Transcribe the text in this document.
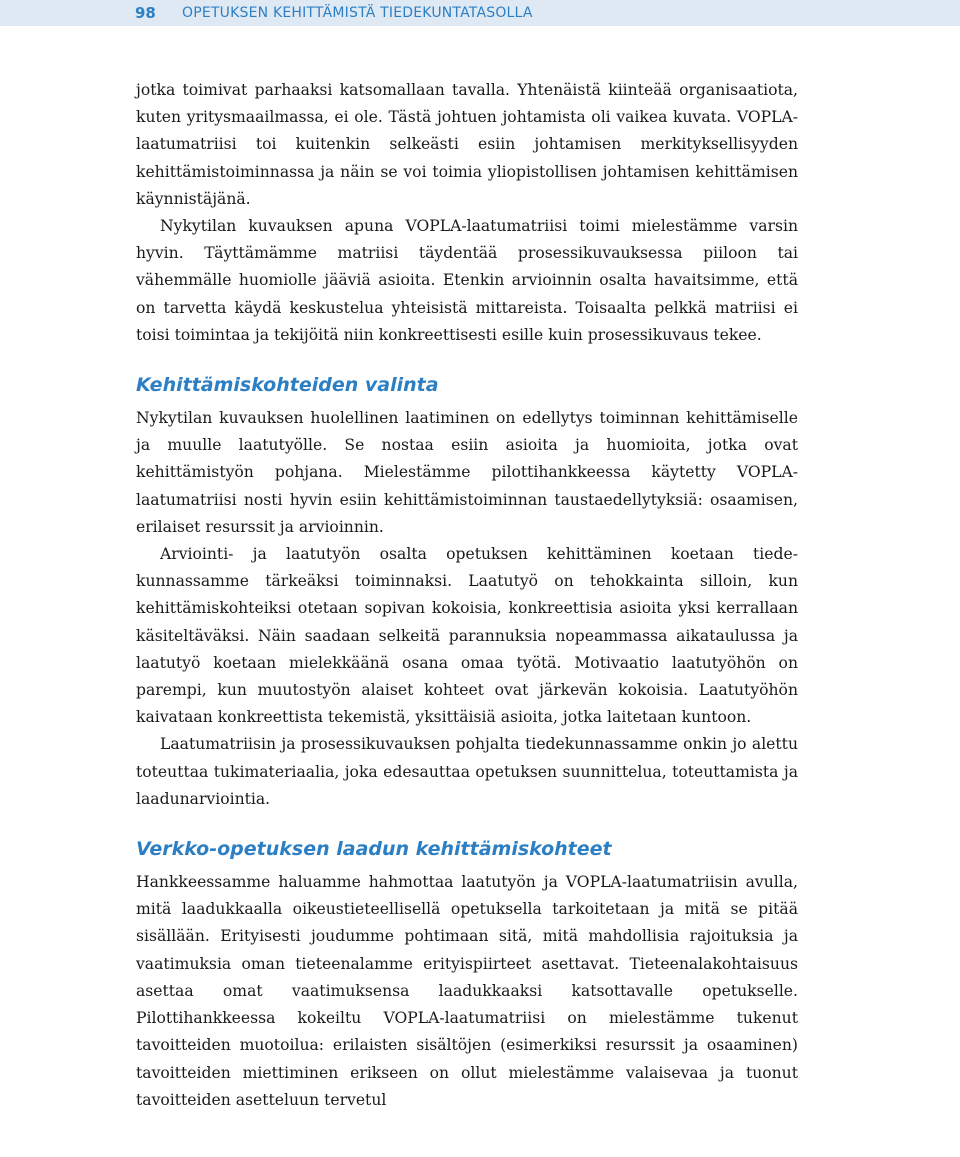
98 OPETUKSEN KEHITTÄMISTÄ TIEDEKUNTATASOLLA

jotka toimivat parhaaksi katsomallaan tavalla. Yhtenäistä kiinteää organisaatiota, kuten yritysmaailmassa, ei ole. Tästä johtuen johtamista oli vaikea kuvata. VOPLA-laatumatriisi toi kuitenkin selkeästi esiin johtamisen merkityksellisyyden kehittämistoiminnassa ja näin se voi toimia yliopistollisen johtamisen kehittämisen käynnistäjänä.

Nykytilan kuvauksen apuna VOPLA-laatumatriisi toimi mielestämme varsin hyvin. Täyttämämme matriisi täydentää prosessikuvauksessa piiloon tai vähemmälle huomiolle jääviä asioita. Etenkin arvioinnin osalta havaitsimme, että on tarvetta käydä keskustelua yhteisistä mittareista. Toisaalta pelkkä matriisi ei toisi toimintaa ja tekijöitä niin konkreettisesti esille kuin prosessikuvaus tekee.

Kehittämiskohteiden valinta

Nykytilan kuvauksen huolellinen laatiminen on edellytys toiminnan kehittämiselle ja muulle laatutyölle. Se nostaa esiin asioita ja huomioita, jotka ovat kehittämistyön pohjana. Mielestämme pilottihankkeessa käytetty VOPLA-laatumatriisi nosti hyvin esiin kehittämistoiminnan taustaedellytyksiä: osaamisen, erilaiset resurssit ja arvioinnin.

Arviointi- ja laatutyön osalta opetuksen kehittäminen koetaan tiedekunnassamme tärkeäksi toiminnaksi. Laatutyö on tehokkainta silloin, kun kehittämiskohteiksi otetaan sopivan kokoisia, konkreettisia asioita yksi kerrallaan käsiteltäväksi. Näin saadaan selkeitä parannuksia nopeammassa aikataulussa ja laatutyö koetaan mielekkäänä osana omaa työtä. Motivaatio laatutyöhön on parempi, kun muutostyön alaiset kohteet ovat järkevän kokoisia. Laatutyöhön kaivataan konkreettista tekemistä, yksittäisiä asioita, jotka laitetaan kuntoon.

Laatumatriisin ja prosessikuvauksen pohjalta tiedekunnassamme onkin jo alettu toteuttaa tukimateriaalia, joka edesauttaa opetuksen suunnittelua, toteuttamista ja laadunarviointia.

Verkko-opetuksen laadun kehittämiskohteet

Hankkeessamme haluamme hahmottaa laatutyön ja VOPLA-laatumatriisin avulla, mitä laadukkaalla oikeustieteellisellä opetuksella tarkoitetaan ja mitä se pitää sisällään. Erityisesti joudumme pohtimaan sitä, mitä mahdollisia rajoituksia ja vaatimuksia oman tieteenalamme erityispiirteet asettavat. Tieteenalakohtaisuus asettaa omat vaatimuksensa laadukkaaksi katsottavalle opetukselle. Pilottihankkeessa kokeiltu VOPLA-laatumatriisi on mielestämme tukenut tavoitteiden muotoilua: erilaisten sisältöjen (esimerkiksi resurssit ja osaaminen) tavoitteiden miettiminen erikseen on ollut mielestämme valaisevaa ja tuonut tavoitteiden asetteluun tervetul
